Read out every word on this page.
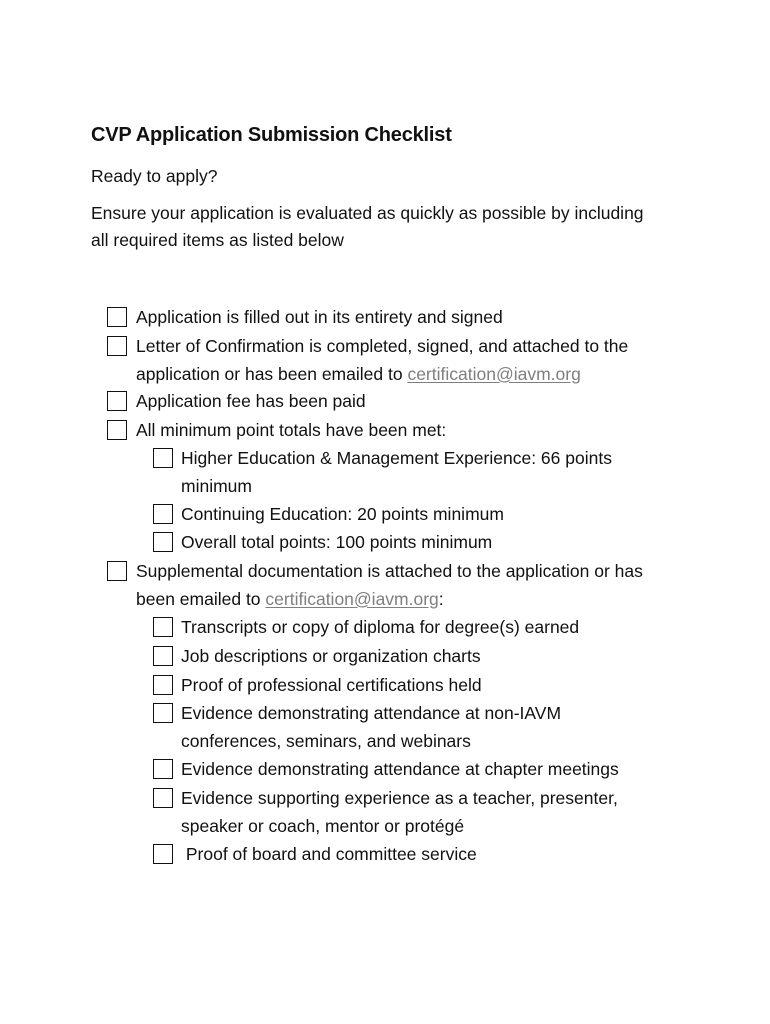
CVP Application Submission Checklist
Ready to apply?
Ensure your application is evaluated as quickly as possible by including all required items as listed below
Application is filled out in its entirety and signed
Letter of Confirmation is completed, signed, and attached to the application or has been emailed to certification@iavm.org
Application fee has been paid
All minimum point totals have been met:
Higher Education & Management Experience: 66 points minimum
Continuing Education: 20 points minimum
Overall total points: 100 points minimum
Supplemental documentation is attached to the application or has been emailed to certification@iavm.org:
Transcripts or copy of diploma for degree(s) earned
Job descriptions or organization charts
Proof of professional certifications held
Evidence demonstrating attendance at non-IAVM conferences, seminars, and webinars
Evidence demonstrating attendance at chapter meetings
Evidence supporting experience as a teacher, presenter, speaker or coach, mentor or protégé
Proof of board and committee service
